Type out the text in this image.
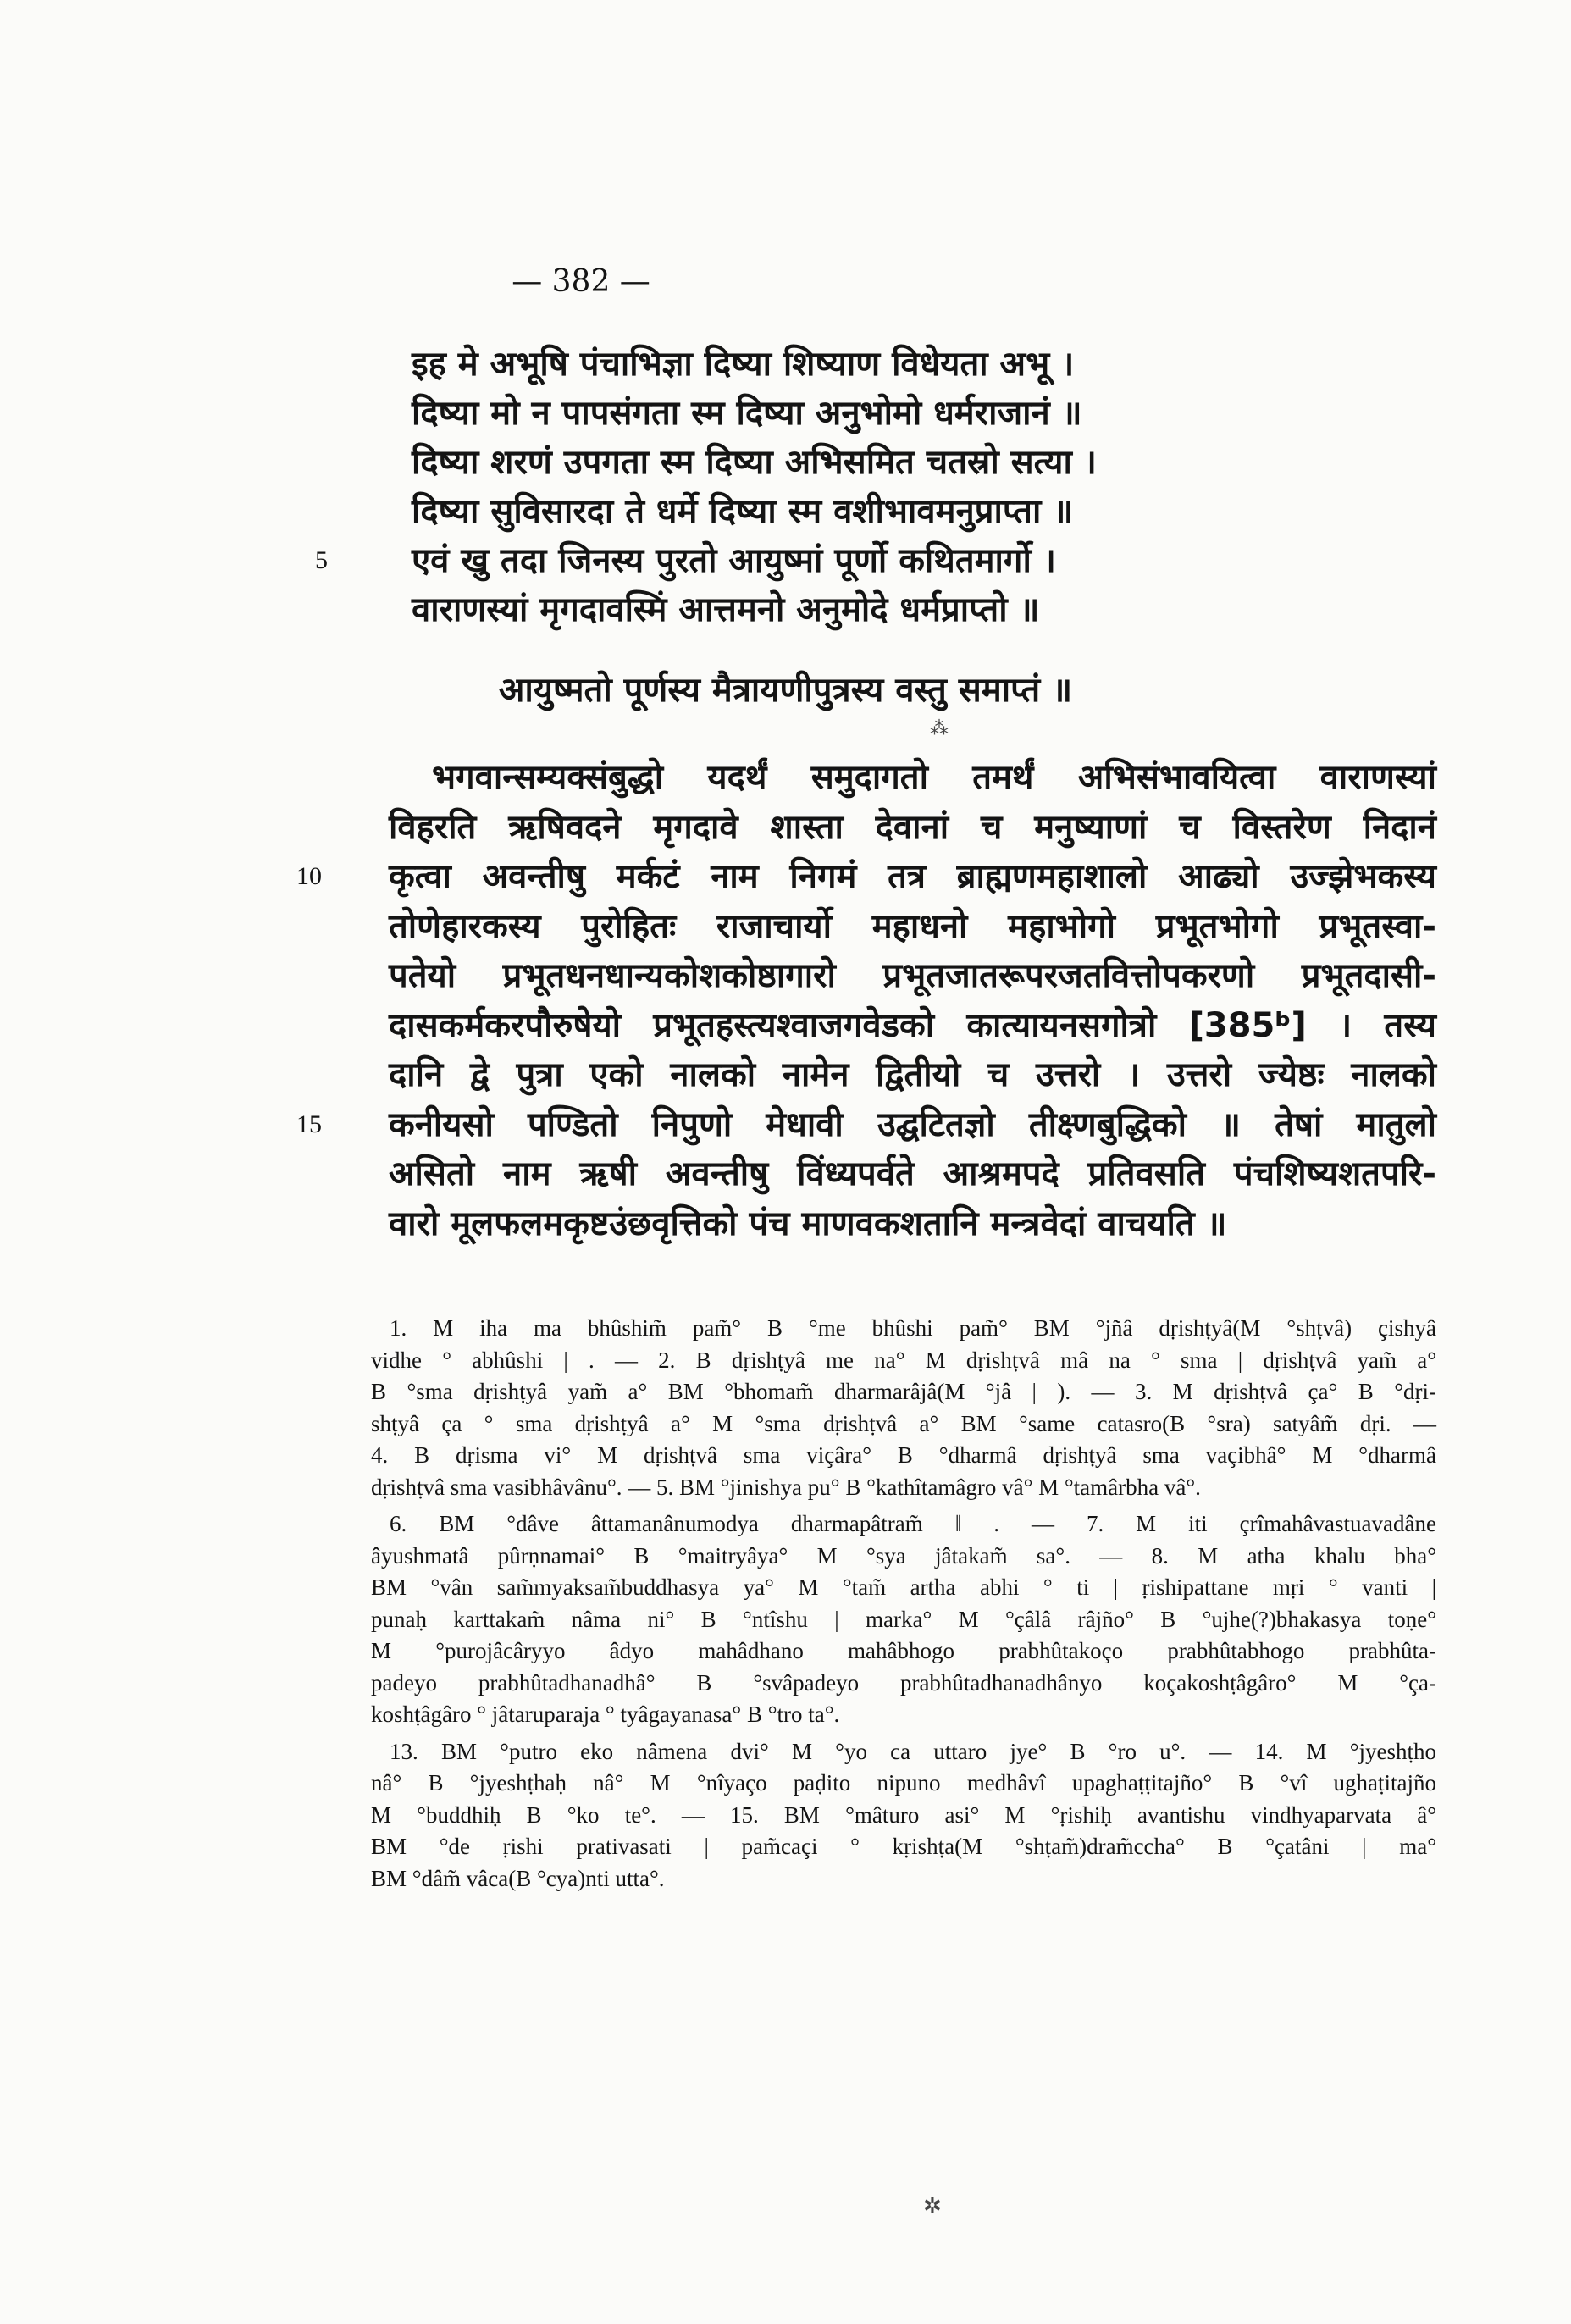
— 382 —
⁂
इह मे अभूषि पंचाभिज्ञा दिष्या शिष्याण विधेयता अभू ।
दिष्या मो न पापसंगता स्म दिष्या अनुभोमो धर्मराजानं ॥
दिष्या शरणं उपगता स्म दिष्या अभिसमित चतस्रो सत्या ।
दिष्या सुविसारदा ते धर्मे दिष्या स्म वशीभावमनुप्राप्ता ॥
एवं खु तदा जिनस्य पुरतो आयुष्मां पूर्णो कथितमार्गो ।
5
वाराणस्यां मृगदावस्मिं आत्तमनो अनुमोदे धर्मप्राप्तो ॥
आयुष्मतो पूर्णस्य मैत्रायणीपुत्रस्य वस्तु समाप्तं ॥
भगवान्सम्यक्संबुद्धो यदर्थं समुदागतो तमर्थं अभिसंभावयित्वा वाराणस्यां
विहरति ऋषिवदने मृगदावे शास्ता देवानां च मनुष्याणां च विस्तरेण निदानं
कृत्वा अवन्तीषु मर्कटं नाम निगमं तत्र ब्राह्मणमहाशालो आढ्यो उज्झेभकस्य
10
तोणेहारकस्य पुरोहितः राजाचार्यो महाधनो महाभोगो प्रभूतभोगो प्रभूतस्वा-
पतेयो प्रभूतधनधान्यकोशकोष्ठागारो प्रभूतजातरूपरजतवित्तोपकरणो प्रभूतदासी-
दासकर्मकरपौरुषेयो प्रभूतहस्त्यश्वाजगवेडको कात्यायनसगोत्रो [385ᵇ] । तस्य
दानि द्वे पुत्रा एको नालको नामेन द्वितीयो च उत्तरो । उत्तरो ज्येष्ठः नालको
कनीयसो पण्डितो निपुणो मेधावी उद्घटितज्ञो तीक्ष्णबुद्धिको ॥ तेषां मातुलो
15
असितो नाम ऋषी अवन्तीषु विंध्यपर्वते आश्रमपदे प्रतिवसति पंचशिष्यशतपरि-
वारो मूलफलमकृष्टउंछवृत्तिको पंच माणवकशतानि मन्त्रवेदां वाचयति ॥
1. M iha ma bhûshim̃ pam̃° B °me bhûshi pam̃° BM °jñâ dṛishṭyâ(M °shṭvâ) çishyâ
vidhe ° abhûshi | . — 2. B dṛishṭyâ me na° M dṛishṭvâ mâ na ° sma | dṛishṭvâ yam̃ a°
B °sma dṛishṭyâ yam̃ a° BM °bhomam̃ dharmarâjâ(M °jâ | ). — 3. M dṛishṭvâ ça° B °dṛi-
shṭyâ ça ° sma dṛishṭyâ a° M °sma dṛishṭvâ a° BM °same catasro(B °sra) satyâm̃ dṛi. —
4. B dṛisma vi° M dṛishṭvâ sma viçâra° B °dharmâ dṛishṭyâ sma vaçibhâ° M °dharmâ
dṛishṭvâ sma vasibhâvânu°. — 5. BM °jinishya pu° B °kathîtamâgro vâ° M °tamârbha vâ°.
6. BM °dâve âttamanânumodya dharmapâtram̃ ‖ . — 7. M iti çrîmahâvastuavadâne
âyushmatâ pûrṇnamai° B °maitryâya° M °sya jâtakam̃ sa°. — 8. M atha khalu bha°
BM °vân sam̃myaksam̃buddhasya ya° M °tam̃ artha abhi ° ti | ṛishipattane mṛi ° vanti |
punaḥ karttakam̃ nâma ni° B °ntîshu | marka° M °çâlâ râjño° B °ujhe(?)bhakasya toṇe°
M °purojâcâryyo âdyo mahâdhano mahâbhogo prabhûtakoço prabhûtabhogo prabhûta-
padeyo prabhûtadhanadhâ° B °svâpadeyo prabhûtadhanadhânyo koçakoshṭâgâro° M °ça-
koshṭâgâro ° jâtaruparaja ° tyâgayanasa° B °tro ta°.
13. BM °putro eko nâmena dvi° M °yo ca uttaro jye° B °ro u°. — 14. M °jyeshṭho
nâ° B °jyeshṭhaḥ nâ° M °nîyaço paḍito nipuno medhâvî upaghaṭṭitajño° B °vî ughaṭitajño
M °buddhiḥ B °ko te°. — 15. BM °mâturo asi° M °ṛishiḥ avantishu vindhyaparvata â°
BM °de ṛishi prativasati | pam̃caçi ° kṛishṭa(M °shṭam̃)dram̃ccha° B °çatâni | ma°
BM °dâm̃ vâca(B °cya)nti utta°.
✲
